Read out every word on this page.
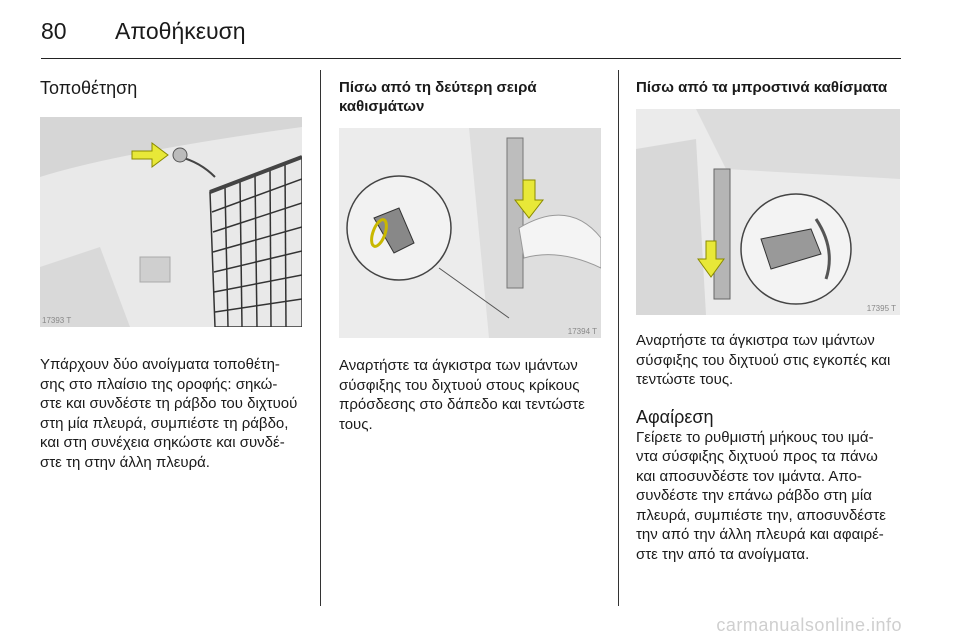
80 Αποθήκευση
Τοποθέτηση
17393 T

Υπάρχουν δύο ανοίγματα τοποθέτη-

σης στο πλαίσιο της οροφής: σηκώ-

στε και συνδέστε τη ράβδο του διχτυού

στη μία πλευρά, συμπιέστε τη ράβδο,

και στη συνέχεια σηκώστε και συνδέ-

στε τη στην άλλη πλευρά.

Πίσω από τη δεύτερη σειρά
καθισμάτων
17394 T

Αναρτήστε τα άγκιστρα των ιμάντων

σύσφιξης του διχτυού στους κρίκους

πρόσδεσης στο δάπεδο και τεντώστε

τους.

Πίσω από τα μπροστινά καθίσματα
17395 T

Αναρτήστε τα άγκιστρα των ιμάντων

σύσφιξης του διχτυού στις εγκοπές και

τεντώστε τους.

Αφαίρεση

Γείρετε το ρυθμιστή μήκους του ιμά-

ντα σύσφιξης διχτυού προς τα πάνω

και αποσυνδέστε τον ιμάντα. Απο-

συνδέστε την επάνω ράβδο στη μία

πλευρά, συμπιέστε την, αποσυνδέστε

την από την άλλη πλευρά και αφαιρέ-

στε την από τα ανοίγματα.

carmanualsonline.info
